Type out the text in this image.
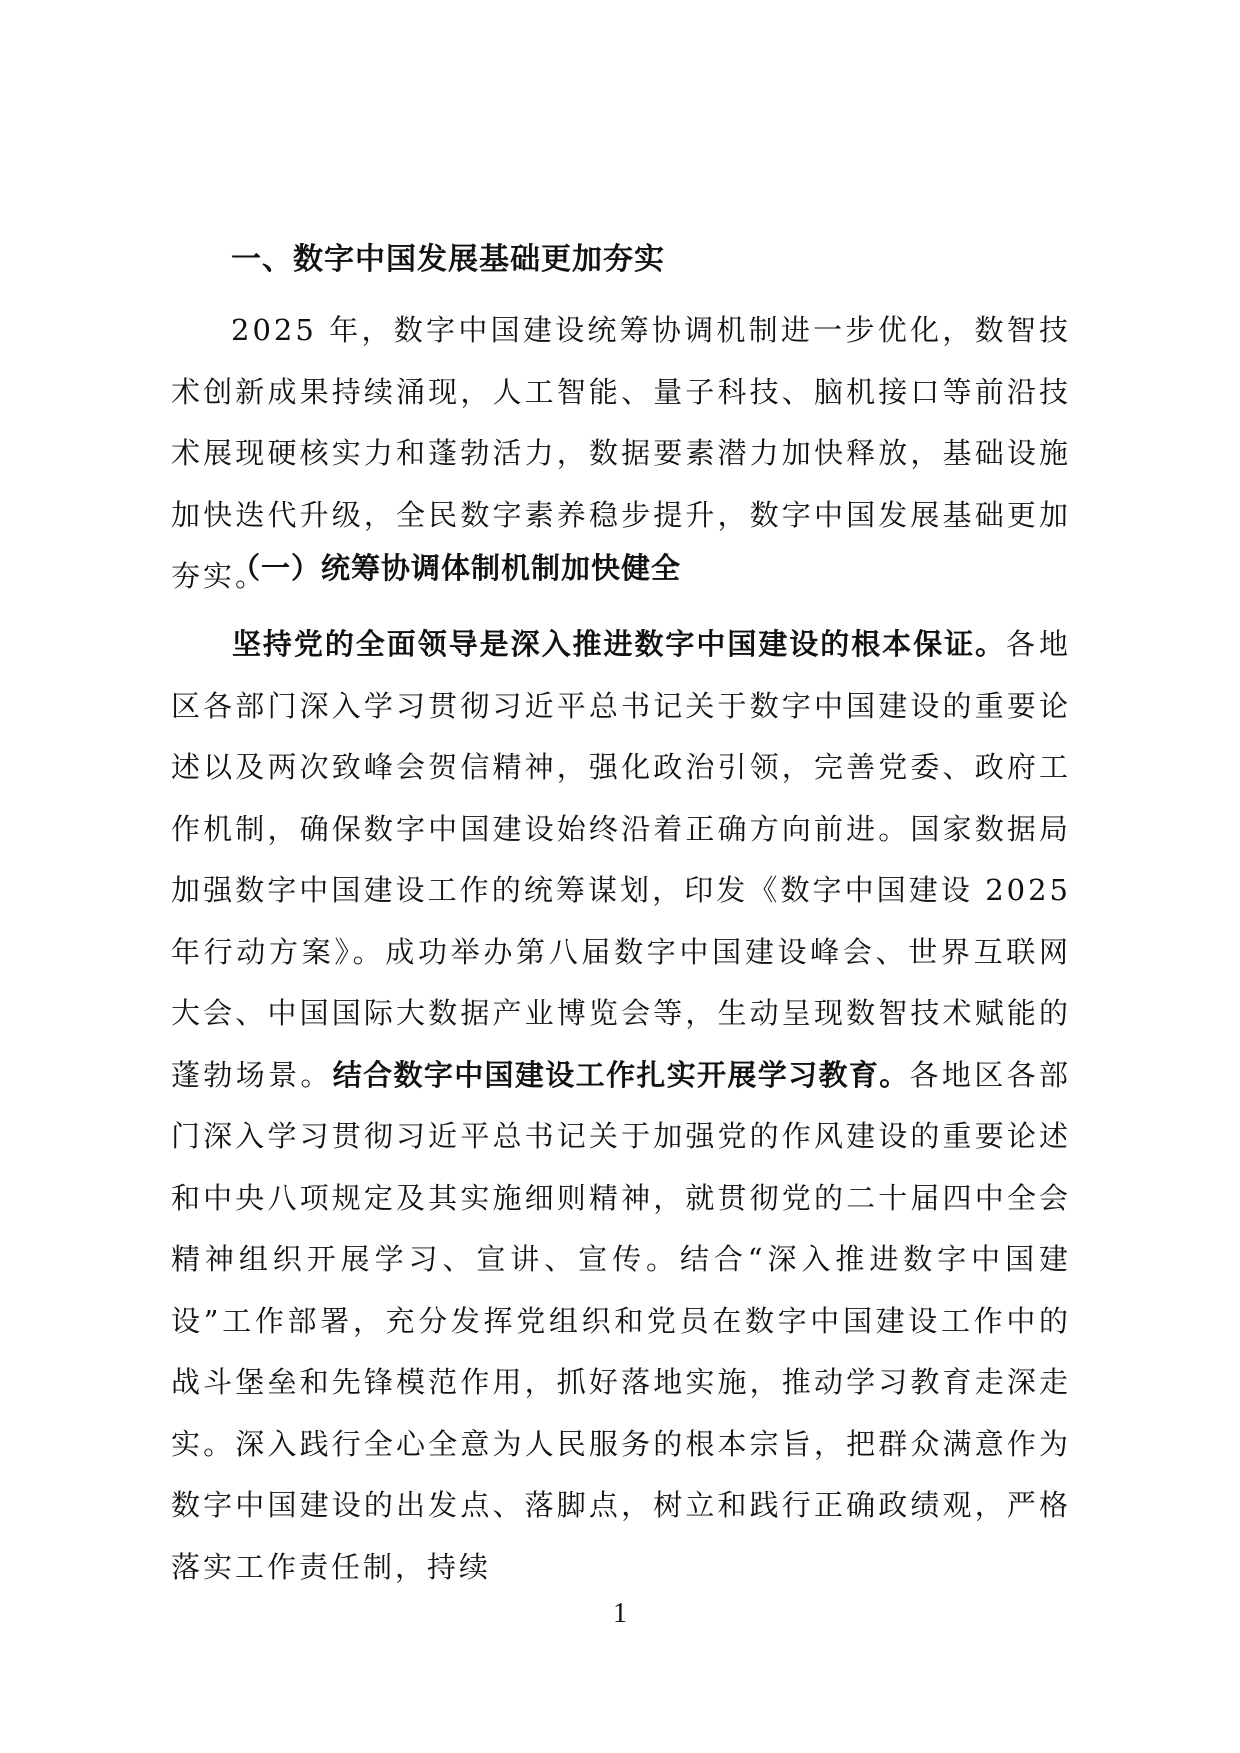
一、数字中国发展基础更加夯实
2025 年，数字中国建设统筹协调机制进一步优化，数智技术创新成果持续涌现，人工智能、量子科技、脑机接口等前沿技术展现硬核实力和蓬勃活力，数据要素潜力加快释放，基础设施加快迭代升级，全民数字素养稳步提升，数字中国发展基础更加夯实。
（一）统筹协调体制机制加快健全
坚持党的全面领导是深入推进数字中国建设的根本保证。各地区各部门深入学习贯彻习近平总书记关于数字中国建设的重要论述以及两次致峰会贺信精神，强化政治引领，完善党委、政府工作机制，确保数字中国建设始终沿着正确方向前进。国家数据局加强数字中国建设工作的统筹谋划，印发《数字中国建设 2025 年行动方案》。成功举办第八届数字中国建设峰会、世界互联网大会、中国国际大数据产业博览会等，生动呈现数智技术赋能的蓬勃场景。结合数字中国建设工作扎实开展学习教育。各地区各部门深入学习贯彻习近平总书记关于加强党的作风建设的重要论述和中央八项规定及其实施细则精神，就贯彻党的二十届四中全会精神组织开展学习、宣讲、宣传。结合“深入推进数字中国建设”工作部署，充分发挥党组织和党员在数字中国建设工作中的战斗堡垒和先锋模范作用，抓好落地实施，推动学习教育走深走实。深入践行全心全意为人民服务的根本宗旨，把群众满意作为数字中国建设的出发点、落脚点，树立和践行正确政绩观，严格落实工作责任制，持续
1
